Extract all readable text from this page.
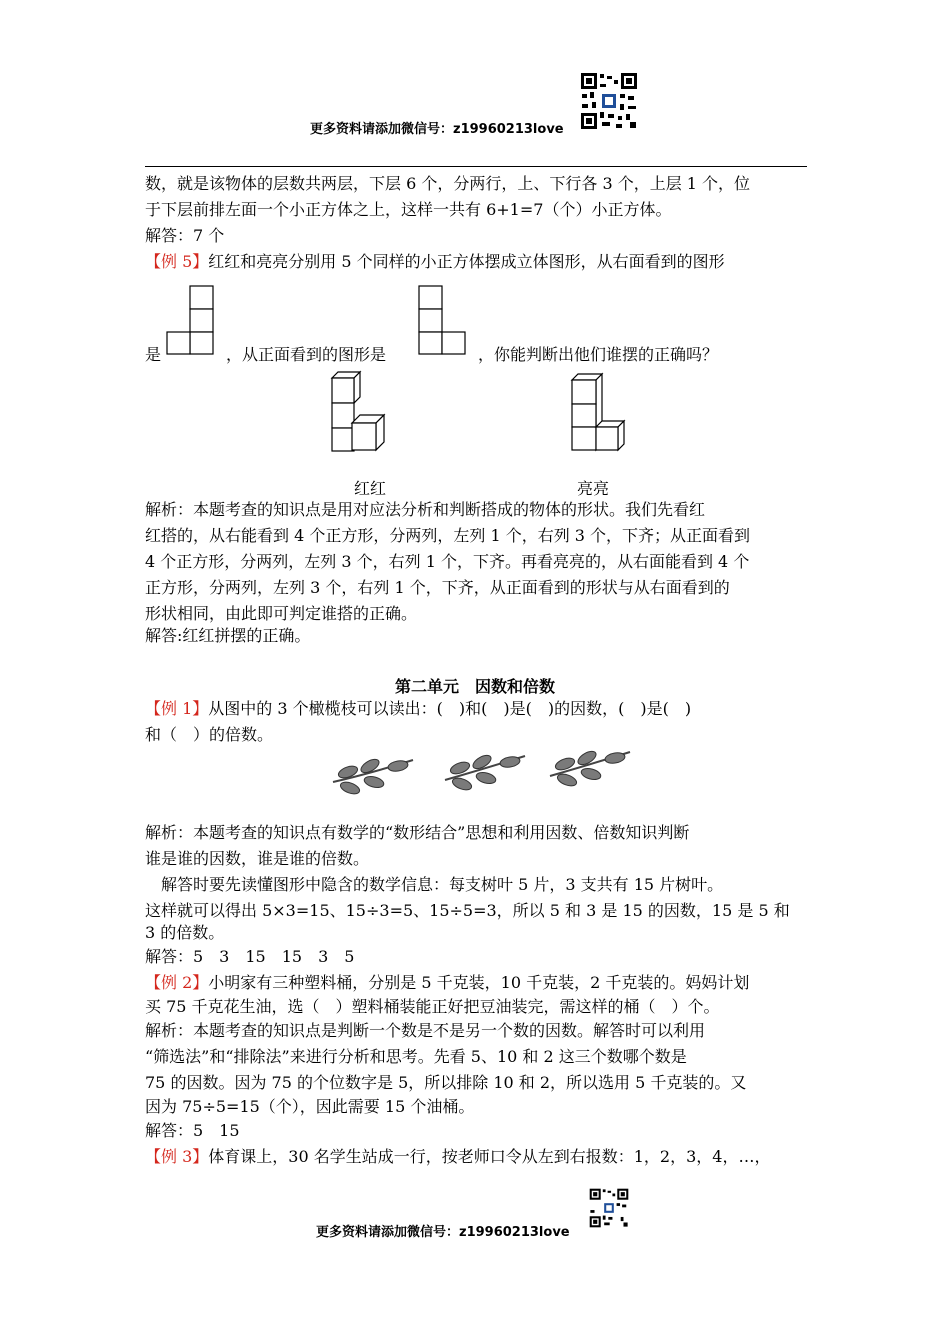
更多资料请添加微信号：z19960213love
数，就是该物体的层数共两层，下层 6 个，分两行，上、下行各 3 个，上层 1 个，位
于下层前排左面一个小正方体之上，这样一共有 6+1=7（个）小正方体。
解答：7 个
【例 5】红红和亮亮分别用 5 个同样的小正方体摆成立体图形，从右面看到的图形
是	，从正面看到的图形是	，你能判断出他们谁摆的正确吗？
红红	亮亮
解析：本题考查的知识点是用对应法分析和判断搭成的物体的形状。我们先看红
红搭的，从右能看到 4 个正方形，分两列，左列 1 个，右列 3 个，下齐；从正面看到
4 个正方形，分两列，左列 3 个，右列 1 个，下齐。再看亮亮的，从右面能看到 4 个
正方形，分两列，左列 3 个，右列 1 个，下齐，从正面看到的形状与从右面看到的
形状相同，由此即可判定谁搭的正确。
解答:红红拼摆的正确。
第二单元　因数和倍数
【例 1】从图中的 3 个橄榄枝可以读出：(　)和(　)是(　)的因数，(　)是(　)
和（　）的倍数。
解析：本题考查的知识点有数学的“数形结合”思想和利用因数、倍数知识判断
谁是谁的因数，谁是谁的倍数。
　解答时要先读懂图形中隐含的数学信息：每支树叶 5 片，3 支共有 15 片树叶。
这样就可以得出 5×3=15、15÷3=5、15÷5=3，所以 5 和 3 是 15 的因数，15 是 5 和
3 的倍数。
解答：5　3　15　15　3　5
【例 2】小明家有三种塑料桶，分别是 5 千克装，10 千克装，2 千克装的。妈妈计划
买 75 千克花生油，选（　）塑料桶装能正好把豆油装完，需这样的桶（　）个。
解析：本题考查的知识点是判断一个数是不是另一个数的因数。解答时可以利用
“筛选法”和“排除法”来进行分析和思考。先看 5、10 和 2 这三个数哪个数是
75 的因数。因为 75 的个位数字是 5，所以排除 10 和 2，所以选用 5 千克装的。又
因为 75÷5=15（个），因此需要 15 个油桶。
解答：5　15
【例 3】体育课上，30 名学生站成一行，按老师口令从左到右报数：1，2，3，4，…，
更多资料请添加微信号：z19960213love
